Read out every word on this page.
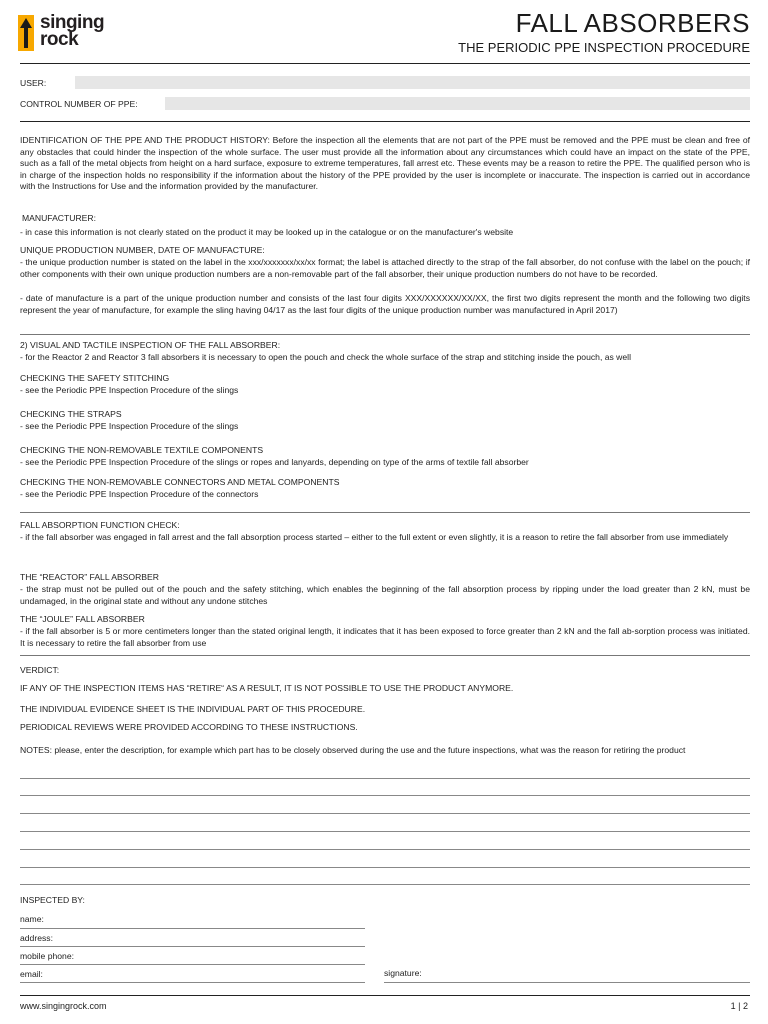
singing
rock
FALL ABSORBERS
THE PERIODIC PPE INSPECTION PROCEDURE
USER:
CONTROL NUMBER OF PPE:
IDENTIFICATION OF THE PPE AND THE PRODUCT HISTORY: Before the inspection all the elements that are not part of the PPE must be removed and the PPE must be clean and free of any obstacles that could hinder the inspection of the whole surface. The user must provide all the information about any circumstances which could have an impact on the state of the PPE, such as a fall of the metal objects from height on a hard surface, exposure to extreme temperatures, fall arrest etc. These events may be a reason to retire the PPE. The qualified person who is in charge of the inspection holds no responsibility if the information about the history of the PPE provided by the user is incomplete or inaccurate. The inspection is carried out in accordance with the Instructions for Use and the information provided by the manufacturer.
MANUFACTURER:
- in case this information is not clearly stated on the product it may be looked up in the catalogue or on the manufacturer's website
UNIQUE PRODUCTION NUMBER, DATE OF MANUFACTURE:
- the unique production number is stated on the label in the xxx/xxxxxxx/xx/xx format; the label is attached directly to the strap of the fall absorber, do not confuse with the label on the pouch; if other components with their own unique production numbers are a non-removable part of the fall absorber, their unique production numbers do not have to be recorded.
- date of manufacture is a part of the unique production number and consists of the last four digits XXX/XXXXXX/XX/XX, the first two digits represent the month and the following two digits represent the year of manufacture, for example the sling having 04/17 as the last four digits of the unique production number was manufactured in April 2017)
2) VISUAL AND TACTILE INSPECTION OF THE FALL ABSORBER:
- for the Reactor 2 and Reactor 3 fall absorbers it is necessary to open the pouch and check the whole surface of the strap and stitching inside the pouch, as well
CHECKING THE SAFETY STITCHING
- see the Periodic PPE Inspection Procedure of the slings
CHECKING THE STRAPS
- see the Periodic PPE Inspection Procedure of the slings
CHECKING THE NON-REMOVABLE TEXTILE COMPONENTS
- see the Periodic PPE Inspection Procedure of the slings or ropes and lanyards, depending on type of the arms of textile fall absorber
CHECKING THE NON-REMOVABLE CONNECTORS AND METAL COMPONENTS
- see the Periodic PPE Inspection Procedure of the connectors
FALL ABSORPTION FUNCTION CHECK:
- if the fall absorber was engaged in fall arrest and the fall absorption process started – either to the full extent or even slightly, it is a reason to retire the fall absorber from use immediately
THE “REACTOR” FALL ABSORBER
- the strap must not be pulled out of the pouch and the safety stitching, which enables the beginning of the fall absorption process by ripping under the load greater than 2 kN, must be undamaged, in the original state and without any undone stitches
THE “JOULE” FALL ABSORBER
- if the fall absorber is 5 or more centimeters longer than the stated original length, it indicates that it has been exposed to force greater than 2 kN and the fall ab-sorption process was initiated. It is necessary to retire the fall absorber from use
VERDICT:
IF ANY OF THE INSPECTION ITEMS HAS “RETIRE“ AS A RESULT, IT IS NOT POSSIBLE TO USE THE PRODUCT ANYMORE.
THE INDIVIDUAL EVIDENCE SHEET IS THE INDIVIDUAL PART OF THIS PROCEDURE.
PERIODICAL REVIEWS WERE PROVIDED ACCORDING TO THESE INSTRUCTIONS.
NOTES: please, enter the description, for example which part has to be closely observed during the use and the future inspections, what was the reason for retiring the product
INSPECTED BY:
name:
address:
mobile phone:
email:	signature:
www.singingrock.com	1 | 2
